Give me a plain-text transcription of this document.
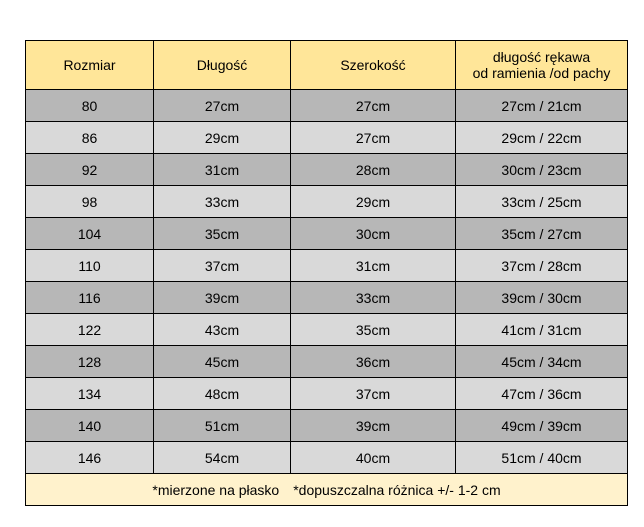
Rozmiar	Długość	Szerokość	długość rękawa
od ramienia /od pachy

80	27cm	27cm	27cm / 21cm
86	29cm	27cm	29cm / 22cm
92	31cm	28cm	30cm / 23cm
98	33cm	29cm	33cm / 25cm
104	35cm	30cm	35cm / 27cm
110	37cm	31cm	37cm / 28cm
116	39cm	33cm	39cm / 30cm
122	43cm	35cm	41cm / 31cm
128	45cm	36cm	45cm / 34cm
134	48cm	37cm	47cm / 36cm
140	51cm	39cm	49cm / 39cm
146	54cm	40cm	51cm / 40cm
*mierzone na płasko *dopuszczalna różnica +/- 1-2 cm			
